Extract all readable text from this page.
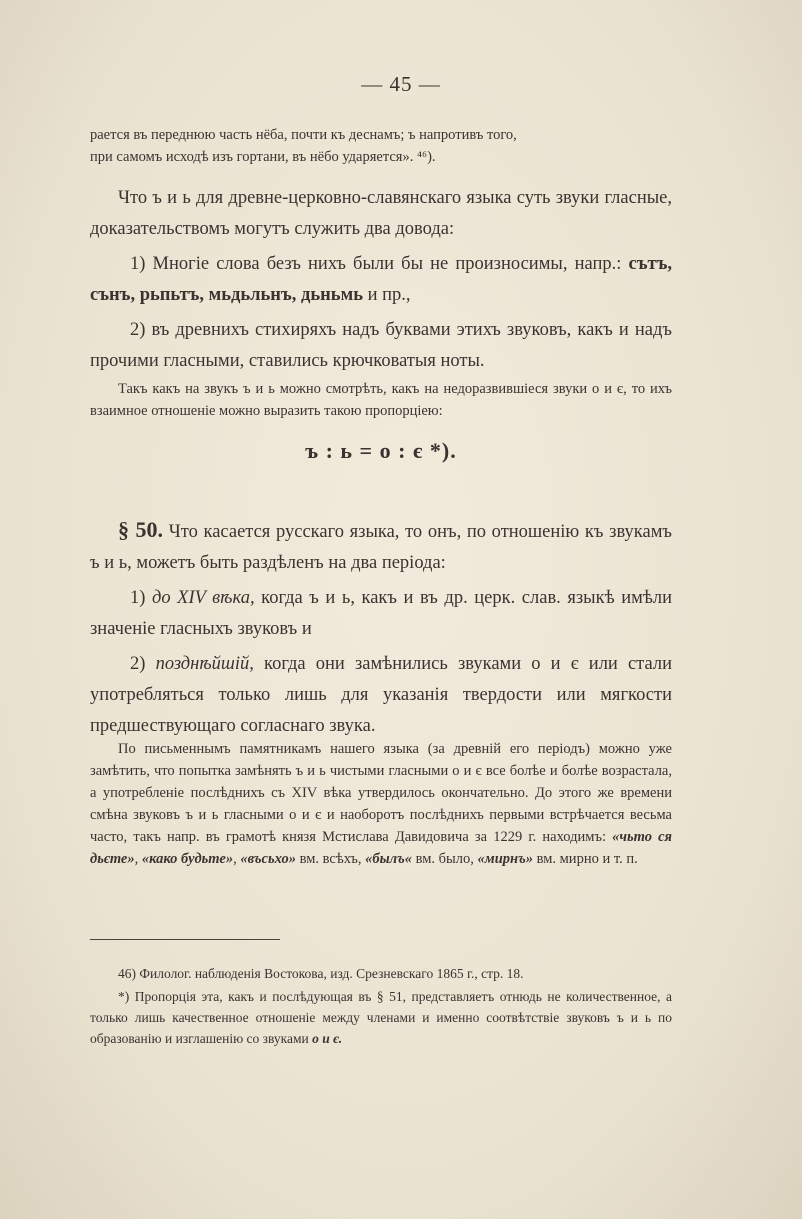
— 45 —

рается въ переднюю часть нёба, почти къ деснамъ; ъ напротивъ того,

при самомъ исходѣ изъ гортани, въ нёбо ударяется». ⁴⁶).

Что ъ и ь для древне-церковно-славянскаго языка суть звуки гласные, доказательствомъ могутъ служить два довода:

1) Многіе слова безъ нихъ были бы не произносимы, напр.: сътъ, сънъ, рьпьтъ, мьдьльнъ, дьньмь и пр.,

2) въ древнихъ стихиряхъ надъ буквами этихъ звуковъ, какъ и надъ прочими гласными, ставились крючковатыя ноты.

Такъ какъ на звукъ ъ и ь можно смотрѣть, какъ на недоразвившіеся звуки о и є, то ихъ взаимное отношеніе можно выразить такою пропорціею:

ъ : ь = о : є *).

§ 50. Что касается русскаго языка, то онъ, по отношенію къ звукамъ ъ и ь, можетъ быть раздѣленъ на два періода:

1) до XIV вѣка, когда ъ и ь, какъ и въ др. церк. слав. языкѣ имѣли значеніе гласныхъ звуковъ и

2) позднѣйшій, когда они замѣнились звуками о и є или стали употребляться только лишь для указанія твердости или мягкости предшествующаго согласнаго звука.

По письменнымъ памятникамъ нашего языка (за древній его періодъ) можно уже замѣтить, что попытка замѣнять ъ и ь чистыми гласными о и є все болѣе и болѣе возрастала, а употребленіе послѣднихъ съ XIV вѣка утвердилось окончательно. До этого же времени смѣна звуковъ ъ и ь гласными о и є и наоборотъ послѣднихъ первыми встрѣчается весьма часто, такъ напр. въ грамотѣ князя Мстислава Давидовича за 1229 г. находимъ: «чьто ся дьєте», «како будьте», «въсьхо» вм. всѣхъ, «былъ« вм. было, «мирнъ» вм. мирно и т. п.

46) Филолог. наблюденія Востокова, изд. Срезневскаго 1865 г., стр. 18.

*) Пропорція эта, какъ и послѣдующая въ § 51, представляетъ отнюдь не количественное, а только лишь качественное отношеніе между членами и именно соотвѣтствіе звуковъ ъ и ь по образованію и изглашенію со звуками о и є.
